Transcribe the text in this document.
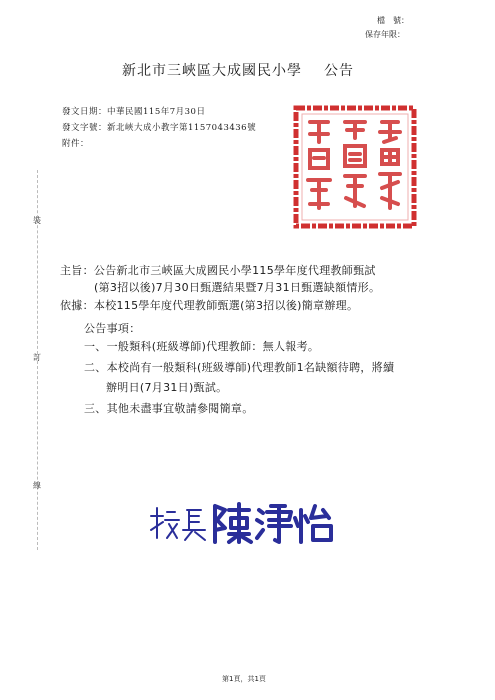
檔　號：
保存年限：
新北市三峽區大成國民小學 公告
發文日期：中華民國115年7月30日
發文字號：新北峽大成小教字第1157043436號
附件：
裝
訂
線
主旨：公告新北市三峽區大成國民小學115學年度代理教師甄試
(第3招以後)7月30日甄選結果暨7月31日甄選缺額情形。
依據：本校115學年度代理教師甄選(第3招以後)簡章辦理。
公告事項：
一、一般類科(班級導師)代理教師：無人報考。
二、本校尚有一般類科(班級導師)代理教師1名缺額待聘，將續
辦明日(7月31日)甄試。
三、其他未盡事宜敬請參閱簡章。
第1頁，共1頁
